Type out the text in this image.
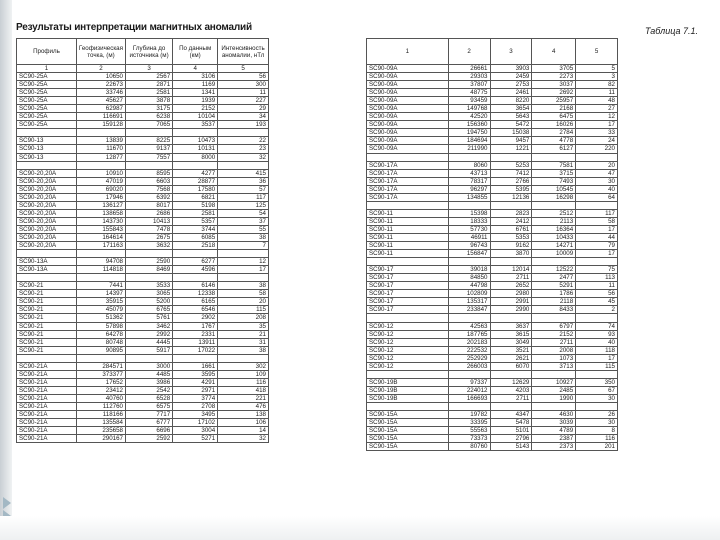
Результаты интерпретации магнитных аномалий	Таблица 7.1.
Профиль	Геофизическая точка, (м)	Глубина до источника (м)	По данным (км)	Интенсивность аномалии, нТл
1	2	3	4	5
SC90-25A	10650	2567	3106	56
SC90-25A	22673	2871	1169	300
SC90-25A	33746	2581	1341	11
SC90-25A	45627	3878	1939	227
SC90-25A	62987	3175	2152	29
SC90-25A	116691	6238	10104	34
SC90-25A	159128	7065	3537	193

SC90-13	13839	8225	10473	22
SC90-13	11670	9137	10131	23
SC90-13	12877	7557	8000	32

SC90-20,20A	10910	8595	4277	415
SC90-20,20A	47019	6603	28877	36
SC90-20,20A	69020	7568	17580	57
SC90-20,20A	17946	6392	6821	117
SC90-20,20A	136127	8017	5198	125
SC90-20,20A	138658	2686	2581	54
SC90-20,20A	143730	10413	5357	37
SC90-20,20A	155843	7478	3744	55
SC90-20,20A	164614	2675	6085	38
SC90-20,20A	171163	3632	2518	7

SC90-13A	94708	2590	6277	12
SC90-13A	114818	8469	4596	17

SC90-21	7441	3533	6146	38
SC90-21	14397	3065	12338	58
SC90-21	35915	5200	6165	20
SC90-21	45079	6765	6546	115
SC90-21	51362	5761	2902	208
SC90-21	57898	3462	1767	35
SC90-21	64278	2992	2331	21
SC90-21	80748	4445	13911	31
SC90-21	90895	5917	17022	38

SC90-21A	284571	3000	1661	302
SC90-21A	373377	4485	3595	109
SC90-21A	17652	3986	4291	116
SC90-21A	23412	2542	2971	418
SC90-21A	40760	6528	3774	221
SC90-21A	112760	6575	2708	476
SC90-21A	118166	7717	3495	138
SC90-21A	135584	6777	17102	106
SC90-21A	235658	6696	3004	14
SC90-21A	290167	2592	5271	32
1	2	3	4	5
SC90-09A	26661	3903	3705	5
SC90-09A	29303	2459	2273	3
SC90-09A	37807	2753	3037	82
SC90-09A	48775	2461	2692	11
SC90-09A	93459	8220	25957	48
SC90-09A	149768	3654	2168	27
SC90-09A	42520	5643	6475	12
SC90-09A	156360	5472	16026	17
SC90-09A	194750	15038	2784	33
SC90-09A	184694	9457	4778	24
SC90-09A	211990	1221	6127	220

SC90-17A	8060	5253	7581	20
SC90-17A	43713	7412	3715	47
SC90-17A	78317	2766	7493	30
SC90-17A	96297	5395	10545	40
SC90-17A	134855	12136	16298	64

SC90-11	15398	2823	2512	117
SC90-11	18333	2412	2113	58
SC90-11	57730	6761	16364	17
SC90-11	46911	5353	10433	44
SC90-11	96743	9162	14271	79
SC90-11	156847	3870	10009	17

SC90-17	39018	12014	12522	75
SC90-17	84850	2711	2477	113
SC90-17	44798	2652	5291	11
SC90-17	102809	2980	1786	56
SC90-17	135317	2991	2118	45
SC90-17	233847	2990	8433	2

SC90-12	42563	3637	6797	74
SC90-12	187765	3615	2152	93
SC90-12	202183	3049	2711	40
SC90-12	222532	3521	2008	118
SC90-12	252929	2621	1073	17
SC90-12	266003	6070	3713	115

SC90-19B	97337	12629	10927	350
SC90-19B	224012	4203	2485	67
SC90-19B	166693	2711	1990	30

SC90-15A	19782	4347	4630	26
SC90-15A	33395	5478	3039	30
SC90-15A	55563	5101	4789	8
SC90-15A	73373	2796	2387	116
SC90-15A	80760	5143	2373	201
